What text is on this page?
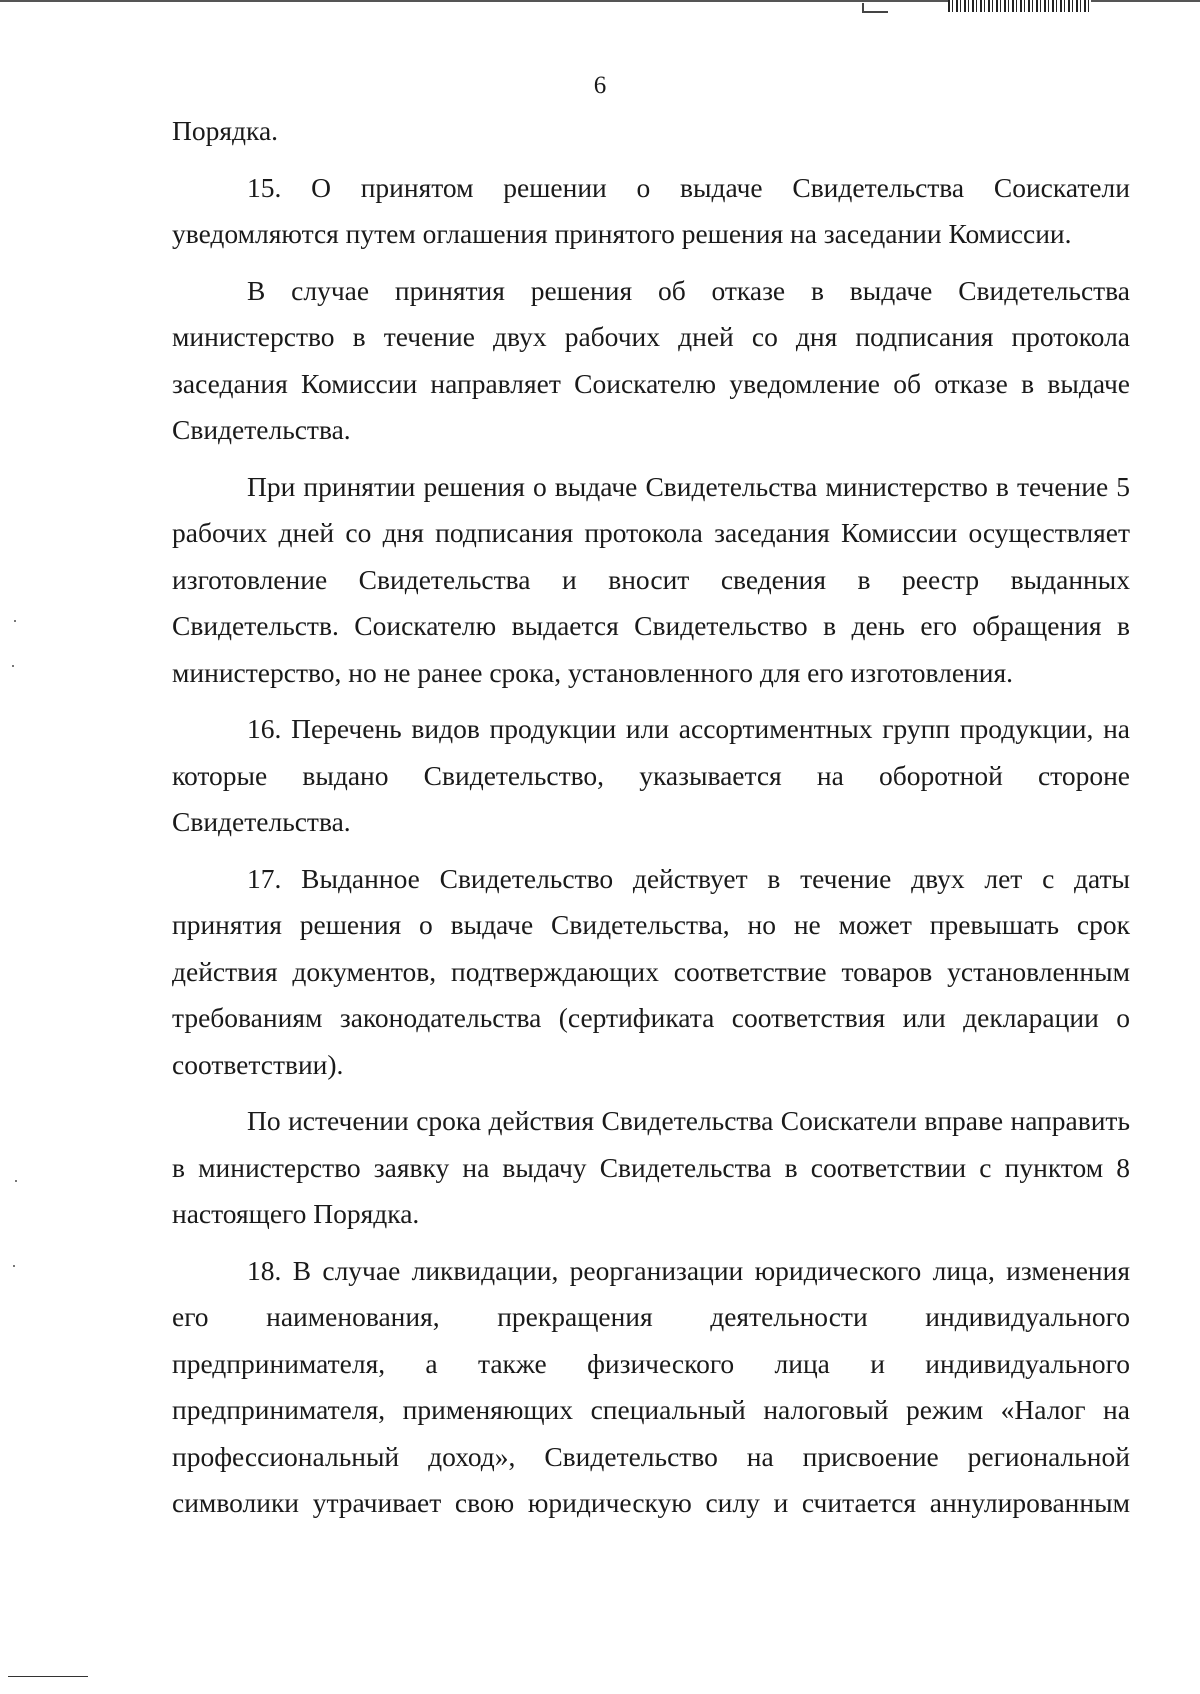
6

Порядка.

15. О принятом решении о выдаче Свидетельства Соискатели уведомляются путем оглашения принятого решения на заседании Комиссии.

В случае принятия решения об отказе в выдаче Свидетельства министерство в течение двух рабочих дней со дня подписания протокола заседания Комиссии направляет Соискателю уведомление об отказе в выдаче Свидетельства.

При принятии решения о выдаче Свидетельства министерство в течение 5 рабочих дней со дня подписания протокола заседания Комиссии осуществляет изготовление Свидетельства и вносит сведения в реестр выданных Свидетельств. Соискателю выдается Свидетельство в день его обращения в министерство, но не ранее срока, установленного для его изготовления.

16. Перечень видов продукции или ассортиментных групп продукции, на которые выдано Свидетельство, указывается на оборотной стороне Свидетельства.

17. Выданное Свидетельство действует в течение двух лет с даты принятия решения о выдаче Свидетельства, но не может превышать срок действия документов, подтверждающих соответствие товаров установленным требованиям законодательства (сертификата соответствия или декларации о соответствии).

По истечении срока действия Свидетельства Соискатели вправе направить в министерство заявку на выдачу Свидетельства в соответствии с пунктом 8 настоящего Порядка.

18. В случае ликвидации, реорганизации юридического лица, изменения его наименования, прекращения деятельности индивидуального предпринимателя, а также физического лица и индивидуального предпринимателя, применяющих специальный налоговый режим «Налог на профессиональный доход», Свидетельство на присвоение региональной символики утрачивает свою юридическую силу и считается аннулированным
